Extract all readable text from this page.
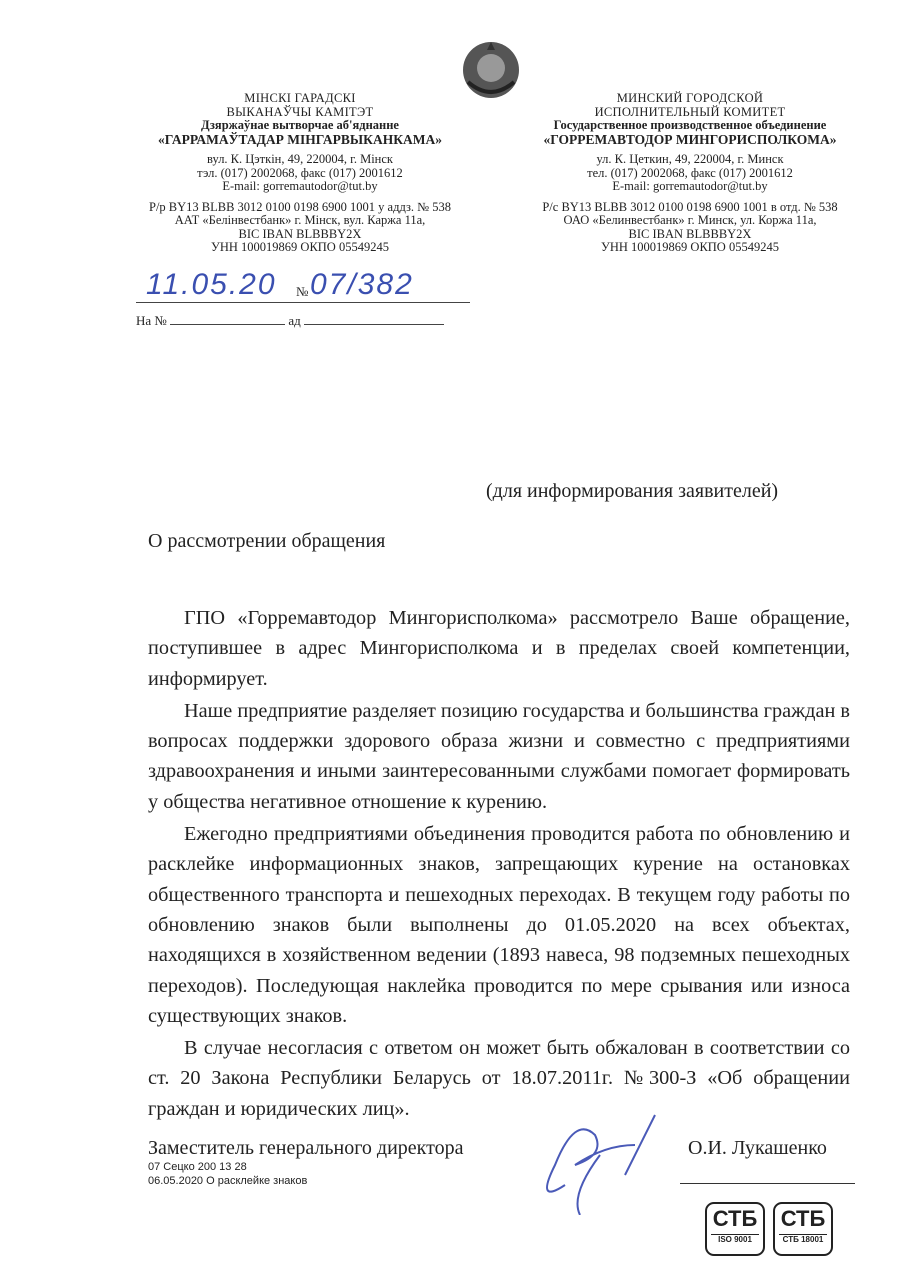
МІНСКІ ГАРАДСКІ
ВЫКАНАЎЧЫ КАМІТЭТ
Дзяржаўнае вытворчае аб'яднанне
«ГАРРАМАЎТАДАР МІНГАРВЫКАНКАМА»
вул. К. Цэткін, 49, 220004, г. Мінск
тэл. (017) 2002068, факс (017) 2001612
E-mail: gorremautodor@tut.by
Р/р BY13 BLBB 3012 0100 0198 6900 1001 у аддз. № 538
ААТ «Белінвестбанк» г. Мінск, вул. Каржа 11а,
BIC IBAN BLBBBY2X
УНН 100019869 ОКПО 05549245
МИНСКИЙ ГОРОДСКОЙ
ИСПОЛНИТЕЛЬНЫЙ КОМИТЕТ
Государственное производственное объединение
«ГОРРЕМАВТОДОР МИНГОРИСПОЛКОМА»
ул. К. Цеткин, 49, 220004, г. Минск
тел. (017) 2002068, факс (017) 2001612
E-mail: gorremautodor@tut.by
Р/с BY13 BLBB 3012 0100 0198 6900 1001 в отд. № 538
ОАО «Белинвестбанк» г. Минск, ул. Коржа 11а,
BIC IBAN BLBBBY2X
УНН 100019869 ОКПО 05549245
№
11.05.20 07/382
На №	ад
(для информирования заявителей)
О рассмотрении обращения

ГПО «Горремавтодор Мингорисполкома» рассмотрело Ваше обращение, поступившее в адрес Мингорисполкома и в пределах своей компетенции, информирует.

Наше предприятие разделяет позицию государства и большинства граждан в вопросах поддержки здорового образа жизни и совместно с предприятиями здравоохранения и иными заинтересованными службами помогает формировать у общества негативное отношение к курению.

Ежегодно предприятиями объединения проводится работа по обновлению и расклейке информационных знаков, запрещающих курение на остановках общественного транспорта и пешеходных переходах. В текущем году работы по обновлению знаков были выполнены до 01.05.2020 на всех объектах, находящихся в хозяйственном ведении (1893 навеса, 98 подземных пешеходных переходов). Последующая наклейка проводится по мере срывания или износа существующих знаков.

В случае несогласия с ответом он может быть обжалован в соответствии со ст. 20 Закона Республики Беларусь от 18.07.2011г. №300-З «Об обращении граждан и юридических лиц».

Заместитель генерального директора
07 Сецко 200 13 28
06.05.2020 О расклейке знаков
О.И. Лукашенко
СТБ
ISO 9001
СТБ
СТБ 18001
